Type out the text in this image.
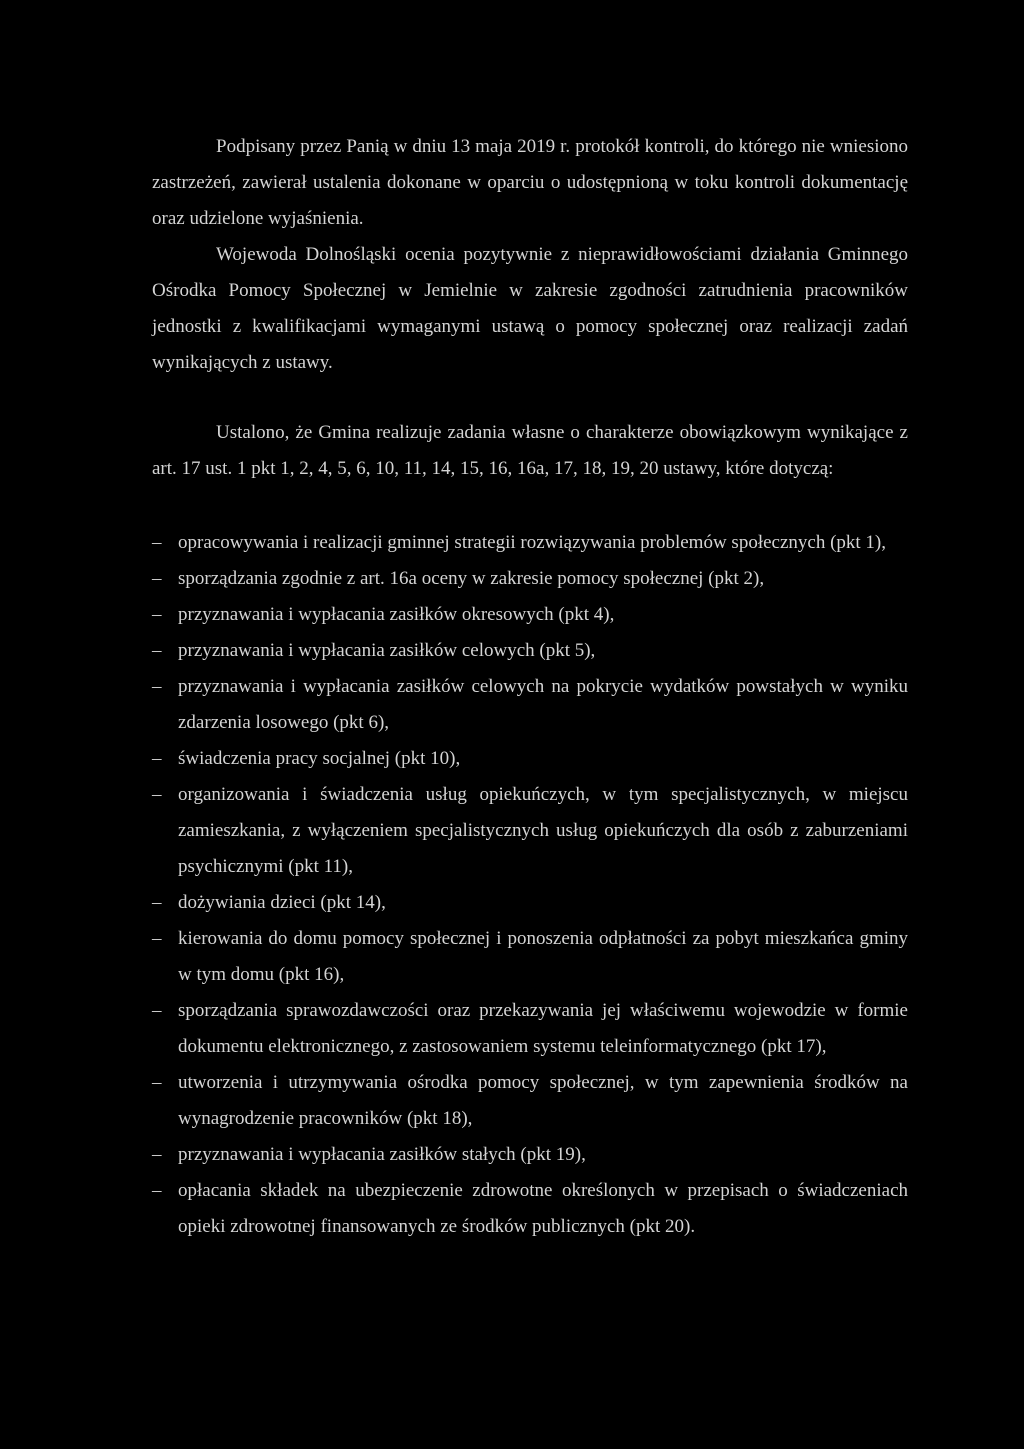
Podpisany przez Panią w dniu 13 maja 2019 r. protokół kontroli, do którego nie wniesiono zastrzeżeń, zawierał ustalenia dokonane w oparciu o udostępnioną w toku kontroli dokumentację oraz udzielone wyjaśnienia.

Wojewoda Dolnośląski ocenia pozytywnie z nieprawidłowościami działania Gminnego Ośrodka Pomocy Społecznej w Jemielnie w zakresie zgodności zatrudnienia pracowników jednostki z kwalifikacjami wymaganymi ustawą o pomocy społecznej oraz realizacji zadań wynikających z ustawy.

Ustalono, że Gmina realizuje zadania własne o charakterze obowiązkowym wynikające z art. 17 ust. 1 pkt 1, 2, 4, 5, 6, 10, 11, 14, 15, 16, 16a, 17, 18, 19, 20 ustawy, które dotyczą:

– opracowywania i realizacji gminnej strategii rozwiązywania problemów społecznych (pkt 1),
– sporządzania zgodnie z art. 16a oceny w zakresie pomocy społecznej (pkt 2),
– przyznawania i wypłacania zasiłków okresowych (pkt 4),
– przyznawania i wypłacania zasiłków celowych (pkt 5),
– przyznawania i wypłacania zasiłków celowych na pokrycie wydatków powstałych w wyniku zdarzenia losowego (pkt 6),
– świadczenia pracy socjalnej (pkt 10),
– organizowania i świadczenia usług opiekuńczych, w tym specjalistycznych, w miejscu zamieszkania, z wyłączeniem specjalistycznych usług opiekuńczych dla osób z zaburzeniami psychicznymi (pkt 11),
– dożywiania dzieci (pkt 14),
– kierowania do domu pomocy społecznej i ponoszenia odpłatności za pobyt mieszkańca gminy w tym domu (pkt 16),
– sporządzania sprawozdawczości oraz przekazywania jej właściwemu wojewodzie w formie dokumentu elektronicznego, z zastosowaniem systemu teleinformatycznego (pkt 17),
– utworzenia i utrzymywania ośrodka pomocy społecznej, w tym zapewnienia środków na wynagrodzenie pracowników (pkt 18),
– przyznawania i wypłacania zasiłków stałych (pkt 19),
– opłacania składek na ubezpieczenie zdrowotne określonych w przepisach o świadczeniach opieki zdrowotnej finansowanych ze środków publicznych (pkt 20).
